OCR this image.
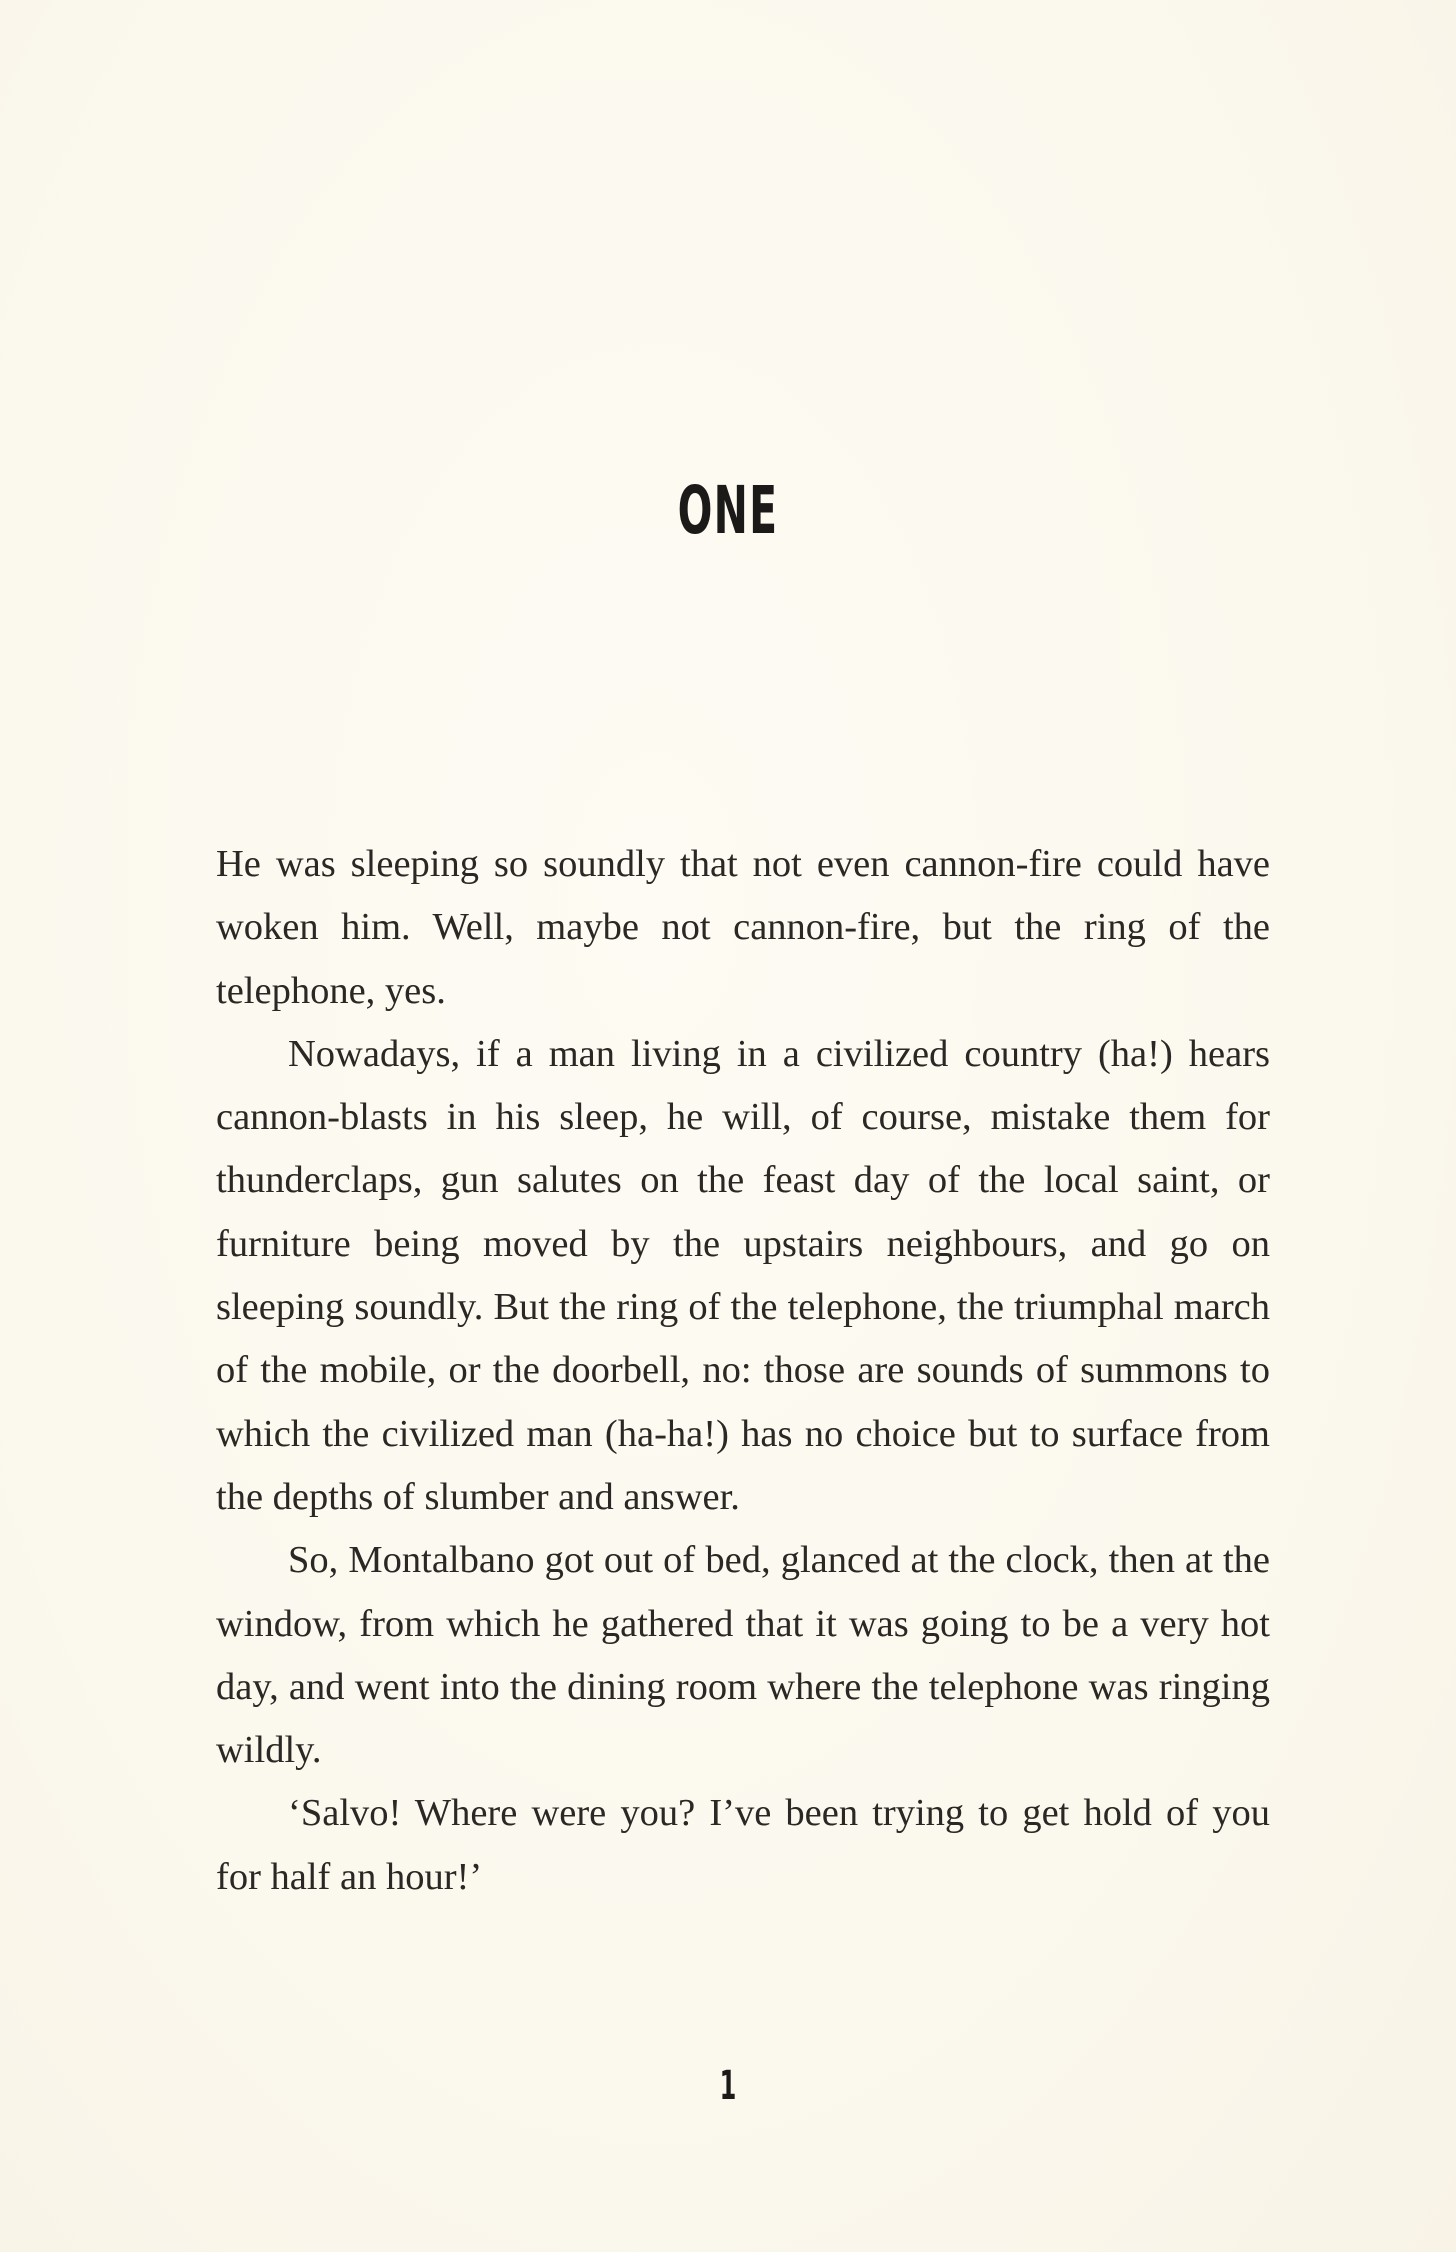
ONE

He was sleeping so soundly that not even cannon-fire could have woken him. Well, maybe not cannon-fire, but the ring of the telephone, yes.

Nowadays, if a man living in a civilized country (ha!) hears cannon-blasts in his sleep, he will, of course, mistake them for thunderclaps, gun salutes on the feast day of the local saint, or furniture being moved by the upstairs neighbours, and go on sleeping soundly. But the ring of the telephone, the triumphal march of the mobile, or the doorbell, no: those are sounds of summons to which the civilized man (ha-ha!) has no choice but to surface from the depths of slumber and answer.

So, Montalbano got out of bed, glanced at the clock, then at the window, from which he gathered that it was going to be a very hot day, and went into the dining room where the telephone was ringing wildly.

‘Salvo! Where were you? I’ve been trying to get hold of you for half an hour!’

1
